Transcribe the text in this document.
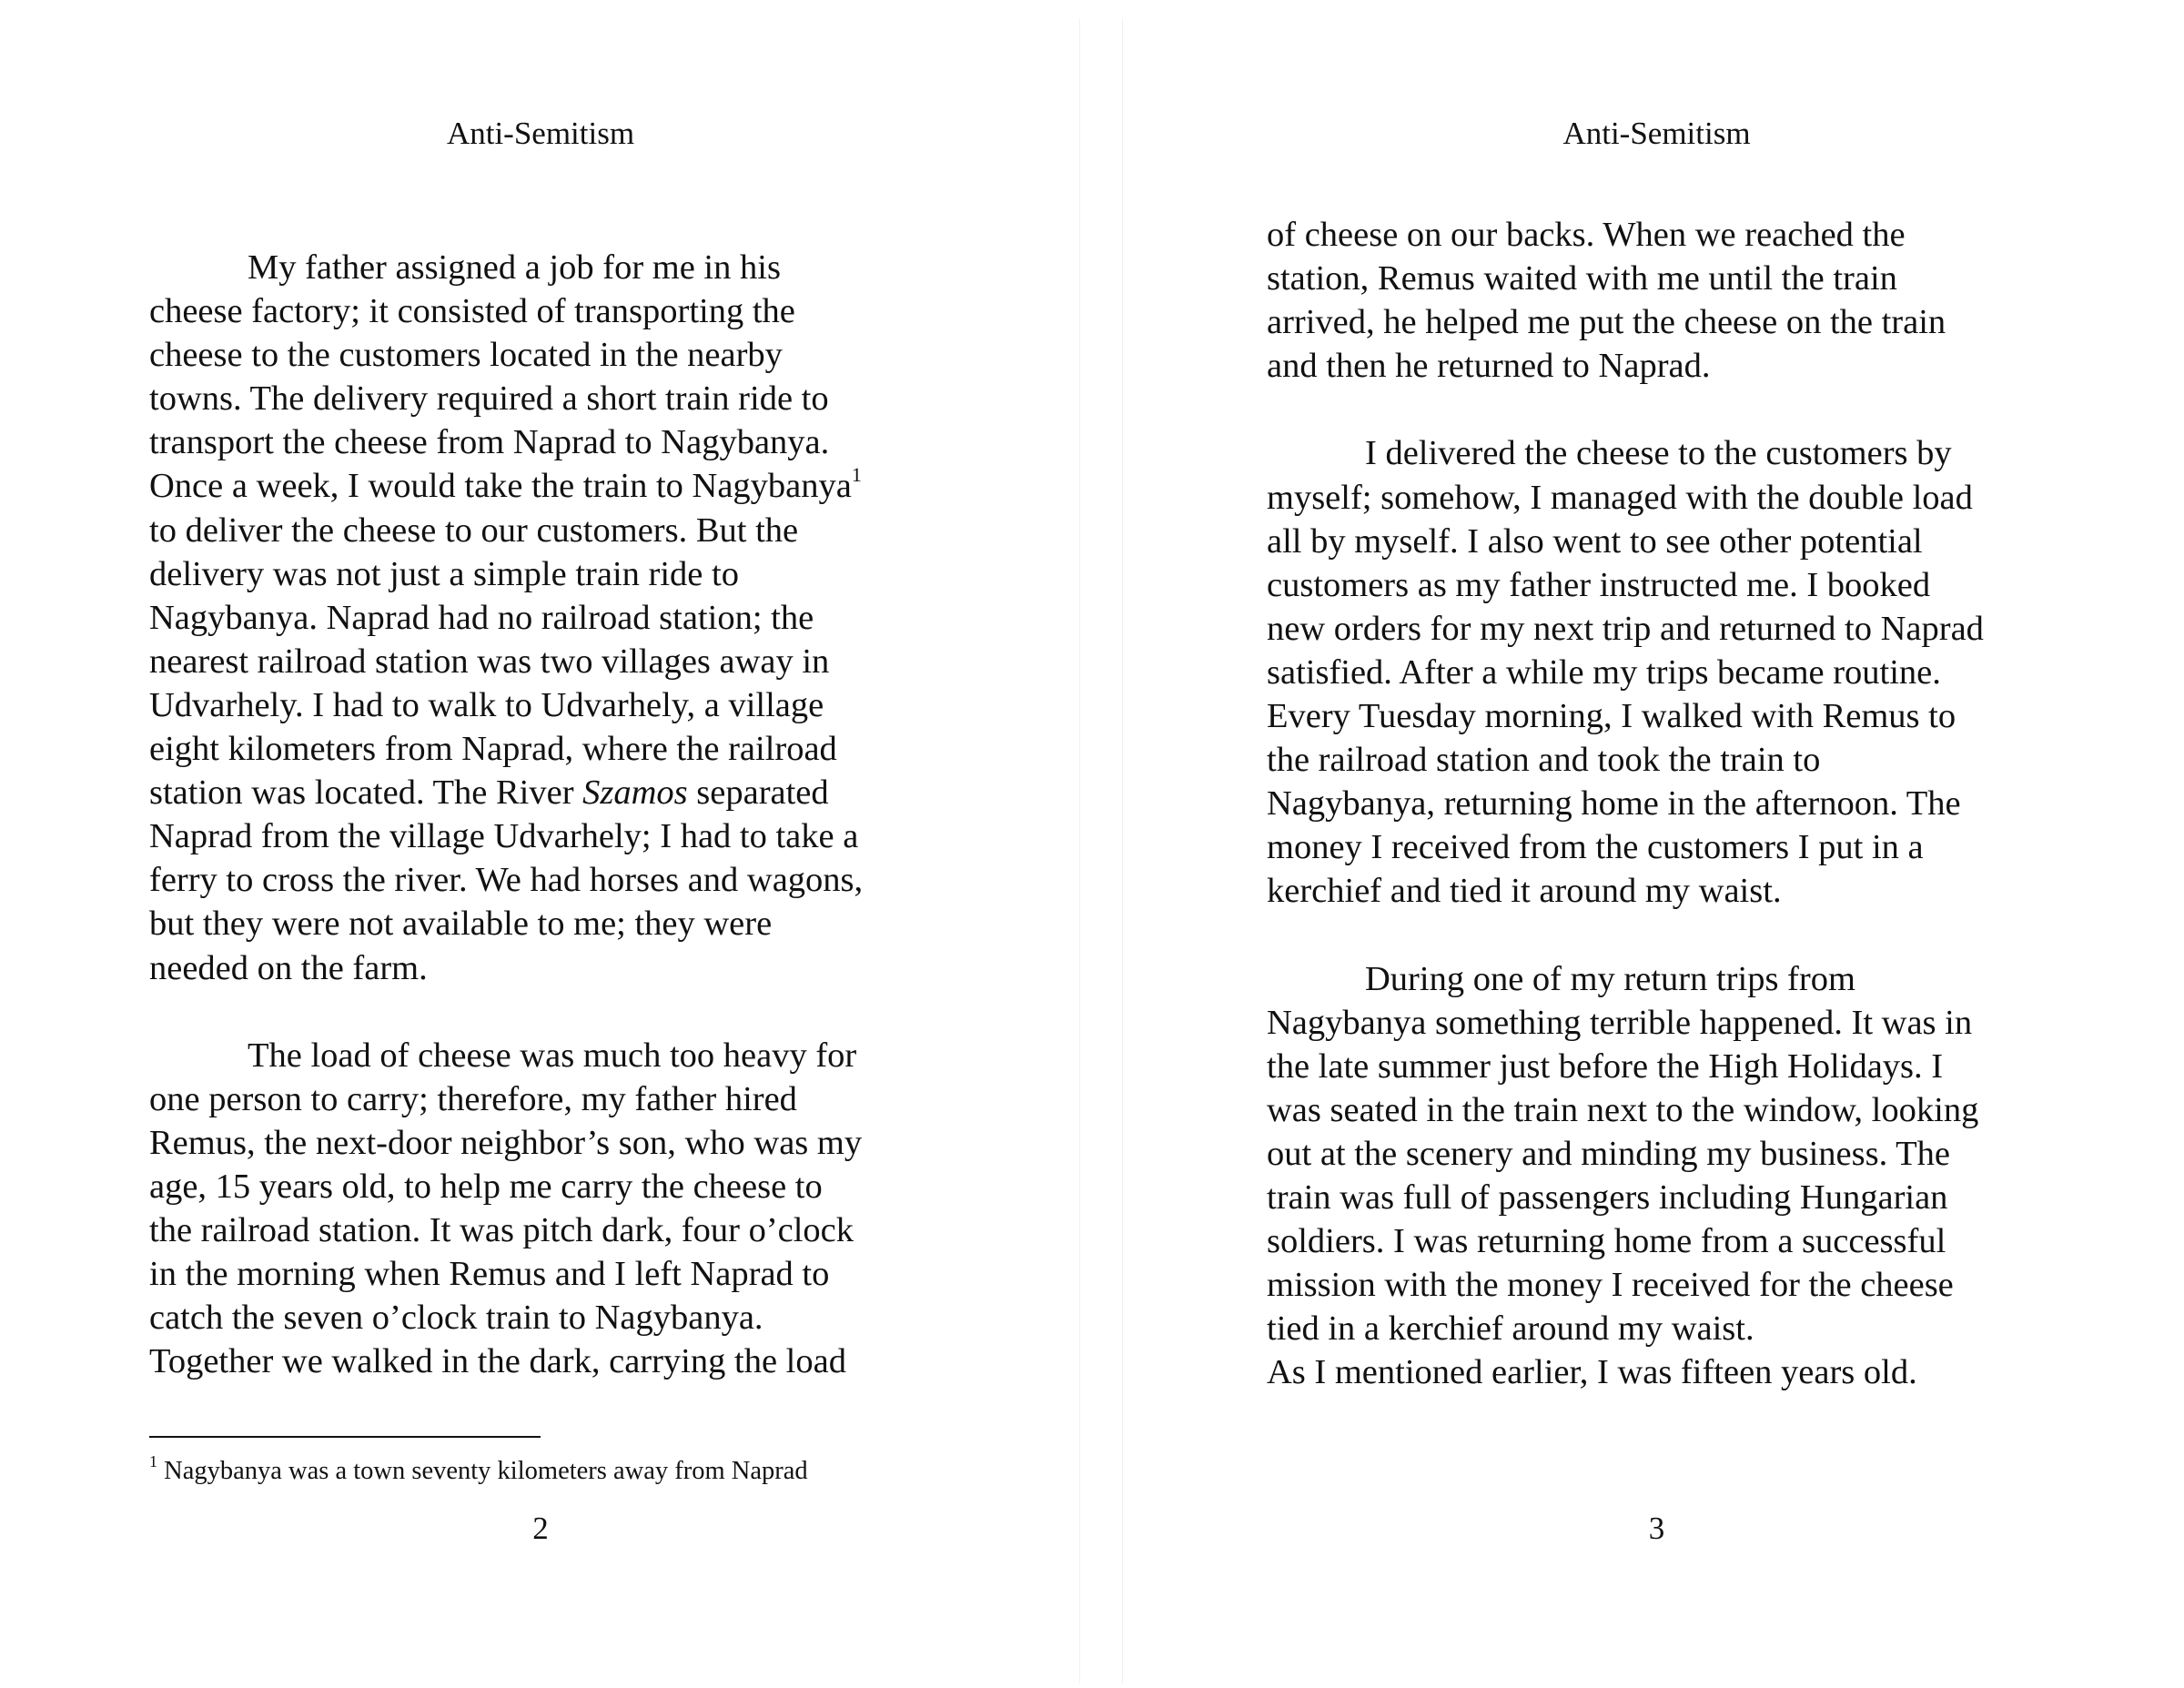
Anti-Semitism
My father assigned a job for me in his
cheese factory; it consisted of transporting the
cheese to the customers located in the nearby
towns. The delivery required a short train ride to
transport the cheese from Naprad to Nagybanya.
Once a week, I would take the train to Nagybanya$^1$
to deliver the cheese to our customers. But the
delivery was not just a simple train ride to
Nagybanya. Naprad had no railroad station; the
nearest railroad station was two villages away in
Udvarhely. I had to walk to Udvarhely, a village
eight kilometers from Naprad, where the railroad
station was located. The River Szamos separated
Naprad from the village Udvarhely; I had to take a
ferry to cross the river. We had horses and wagons,
but they were not available to me; they were
needed on the farm.
The load of cheese was much too heavy for
one person to carry; therefore, my father hired
Remus, the next-door neighbor’s son, who was my
age, 15 years old, to help me carry the cheese to
the railroad station. It was pitch dark, four o’clock
in the morning when Remus and I left Naprad to
catch the seven o’clock train to Nagybanya.
Together we walked in the dark, carrying the load
$^1$ Nagybanya was a town seventy kilometers away from Naprad
2
Anti-Semitism
of cheese on our backs. When we reached the
station, Remus waited with me until the train
arrived, he helped me put the cheese on the train
and then he returned to Naprad.
I delivered the cheese to the customers by
myself; somehow, I managed with the double load
all by myself. I also went to see other potential
customers as my father instructed me. I booked
new orders for my next trip and returned to Naprad
satisfied. After a while my trips became routine.
Every Tuesday morning, I walked with Remus to
the railroad station and took the train to
Nagybanya, returning home in the afternoon. The
money I received from the customers I put in a
kerchief and tied it around my waist.
During one of my return trips from
Nagybanya something terrible happened. It was in
the late summer just before the High Holidays. I
was seated in the train next to the window, looking
out at the scenery and minding my business. The
train was full of passengers including Hungarian
soldiers. I was returning home from a successful
mission with the money I received for the cheese
tied in a kerchief around my waist.
As I mentioned earlier, I was fifteen years old.
3
